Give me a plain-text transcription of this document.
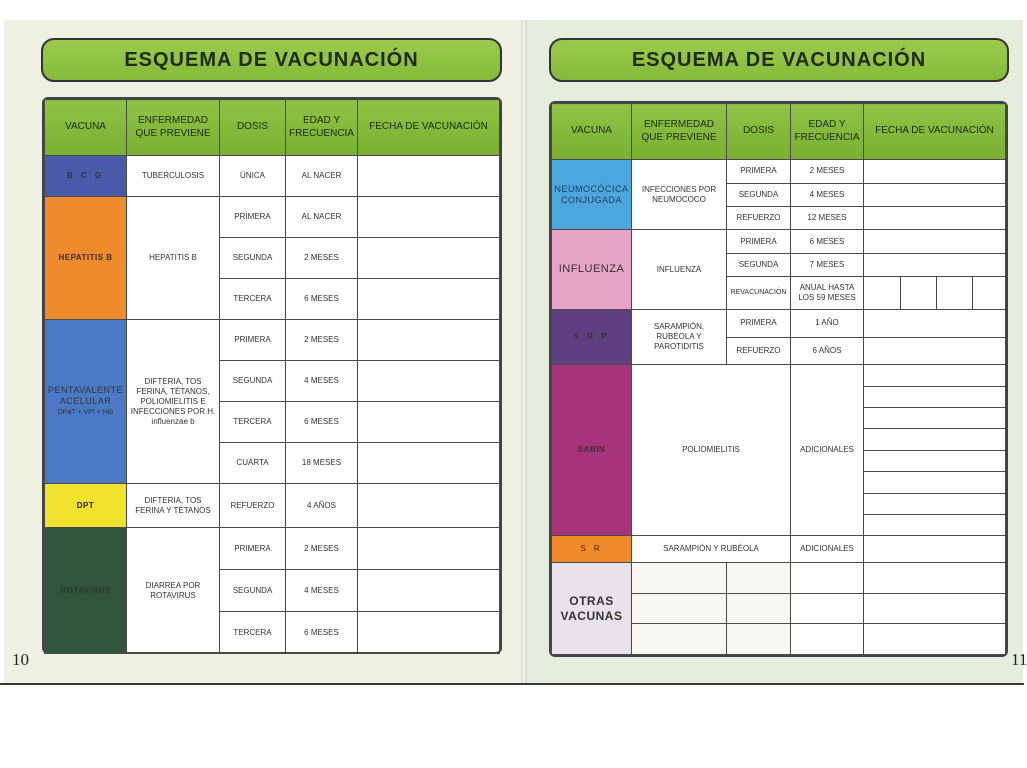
ESQUEMA DE VACUNACIÓN
VACUNA	ENFERMEDAD QUE PREVIENE	DOSIS	EDAD Y FRECUENCIA	FECHA DE VACUNACIÓN
B C G	TUBERCULOSIS	ÚNICA	AL NACER	
HEPATITIS B	HEPATITIS B	PRIMERA	AL NACER	
		SEGUNDA	2 MESES	
		TERCERA	6 MESES	

PENTAVALENTE ACELULAR
DPaT + VPI + Hib	DIFTERIA, TOS FERINA, TÉTANOS, POLIOMIELITIS E INFECCIONES POR H. influenzae b	PRIMERA	2 MESES	
		SEGUNDA	4 MESES	
		TERCERA	6 MESES	
		CUARTA	18 MESES	
DPT	DIFTERIA, TOS FERINA Y TÉTANOS	REFUERZO	4 AÑOS	
ROTAVIRUS	DIARREA POR ROTAVIRUS	PRIMERA	2 MESES	
		SEGUNDA	4 MESES	
		TERCERA	6 MESES	
10
ESQUEMA DE VACUNACIÓN
VACUNA	ENFERMEDAD QUE PREVIENE	DOSIS	EDAD Y FRECUENCIA	FECHA DE VACUNACIÓN			
NEUMOCÓCICA CONJUGADA	INFECCIONES POR NEUMOCOCO	PRIMERA	2 MESES				
		SEGUNDA	4 MESES				
		REFUERZO	12 MESES				
INFLUENZA	INFLUENZA	PRIMERA	6 MESES				
		SEGUNDA	7 MESES				
		REVACUNACIÓN	ANUAL HASTA LOS 59 MESES				
S R P	SARAMPIÓN, RUBÉOLA Y PAROTIDITIS	PRIMERA	1 AÑO				
		REFUERZO	6 AÑOS				
SABIN	POLIOMIELITIS		ADICIONALES				

S R	SARAMPIÓN Y RUBÉOLA		ADICIONALES				
OTRAS VACUNAS							

11
